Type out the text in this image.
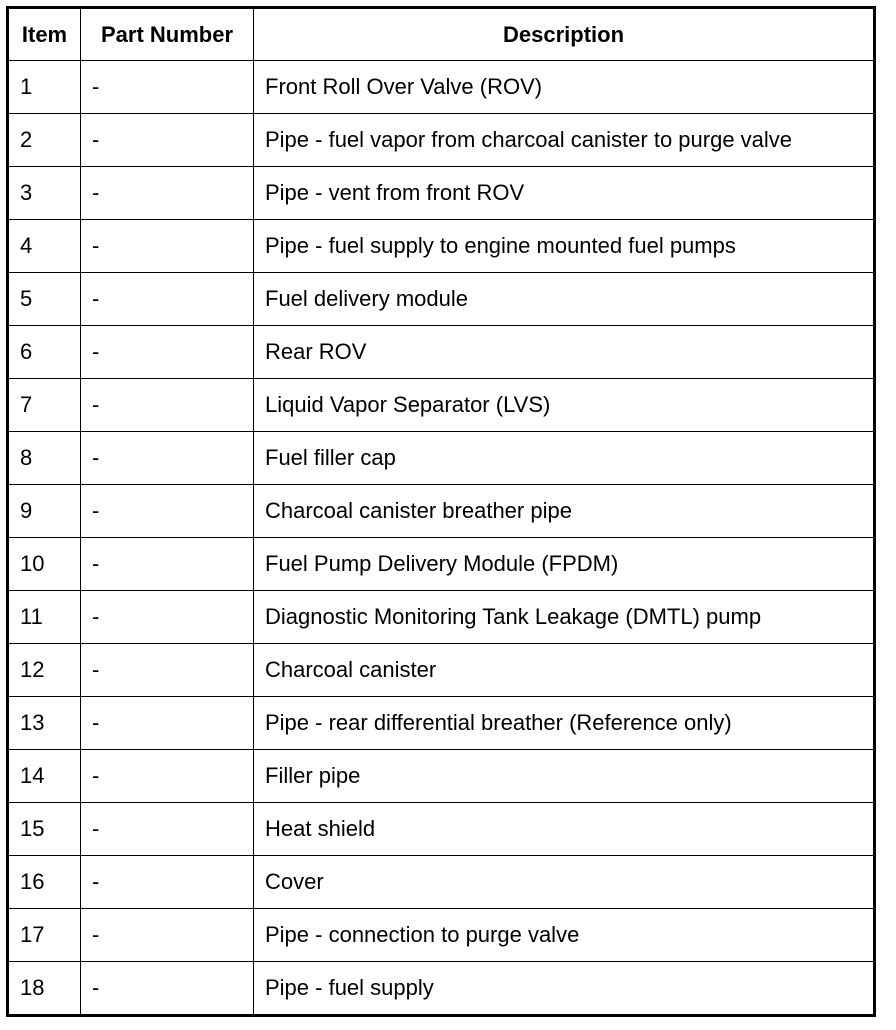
Item	Part Number	Description
1	-	Front Roll Over Valve (ROV)
2	-	Pipe - fuel vapor from charcoal canister to purge valve
3	-	Pipe - vent from front ROV
4	-	Pipe - fuel supply to engine mounted fuel pumps
5	-	Fuel delivery module
6	-	Rear ROV
7	-	Liquid Vapor Separator (LVS)
8	-	Fuel filler cap
9	-	Charcoal canister breather pipe
10	-	Fuel Pump Delivery Module (FPDM)
11	-	Diagnostic Monitoring Tank Leakage (DMTL) pump
12	-	Charcoal canister
13	-	Pipe - rear differential breather (Reference only)
14	-	Filler pipe
15	-	Heat shield
16	-	Cover
17	-	Pipe - connection to purge valve
18	-	Pipe - fuel supply
